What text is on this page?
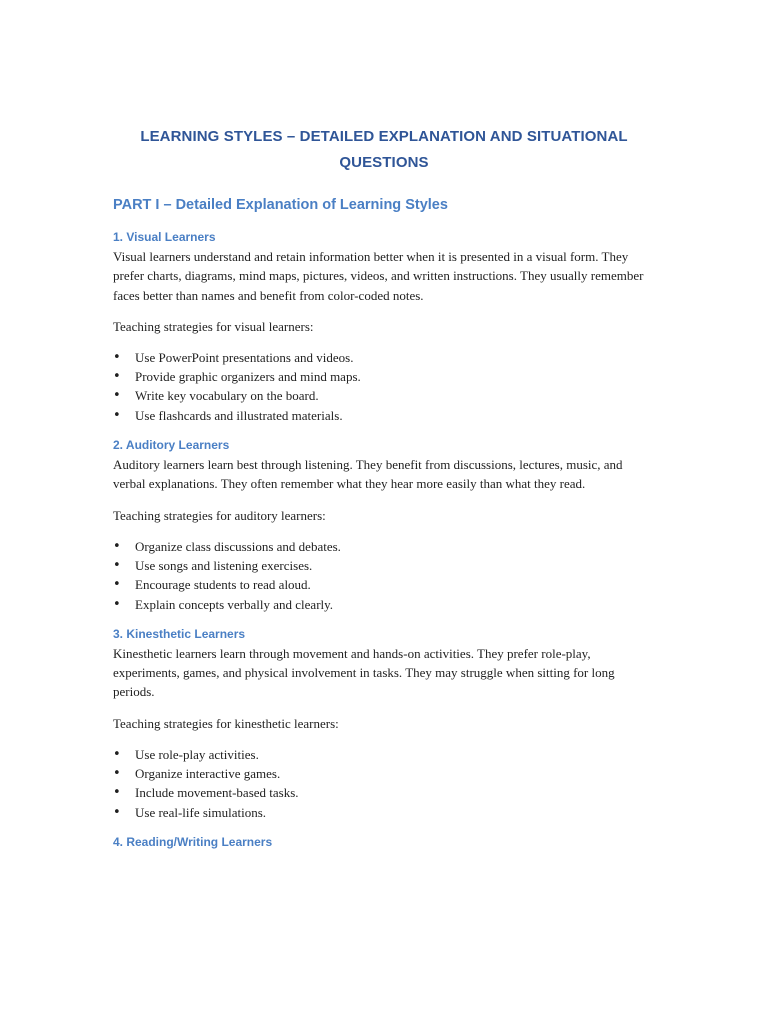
LEARNING STYLES – DETAILED EXPLANATION AND SITUATIONAL QUESTIONS
PART I – Detailed Explanation of Learning Styles
1. Visual Learners

Visual learners understand and retain information better when it is presented in a visual form. They prefer charts, diagrams, mind maps, pictures, videos, and written instructions. They usually remember faces better than names and benefit from color-coded notes.

Teaching strategies for visual learners:

• Use PowerPoint presentations and videos.
• Provide graphic organizers and mind maps.
• Write key vocabulary on the board.
• Use flashcards and illustrated materials.
2. Auditory Learners

Auditory learners learn best through listening. They benefit from discussions, lectures, music, and verbal explanations. They often remember what they hear more easily than what they read.

Teaching strategies for auditory learners:

• Organize class discussions and debates.
• Use songs and listening exercises.
• Encourage students to read aloud.
• Explain concepts verbally and clearly.
3. Kinesthetic Learners

Kinesthetic learners learn through movement and hands-on activities. They prefer role-play, experiments, games, and physical involvement in tasks. They may struggle when sitting for long periods.

Teaching strategies for kinesthetic learners:

• Use role-play activities.
• Organize interactive games.
• Include movement-based tasks.
• Use real-life simulations.
4. Reading/Writing Learners
